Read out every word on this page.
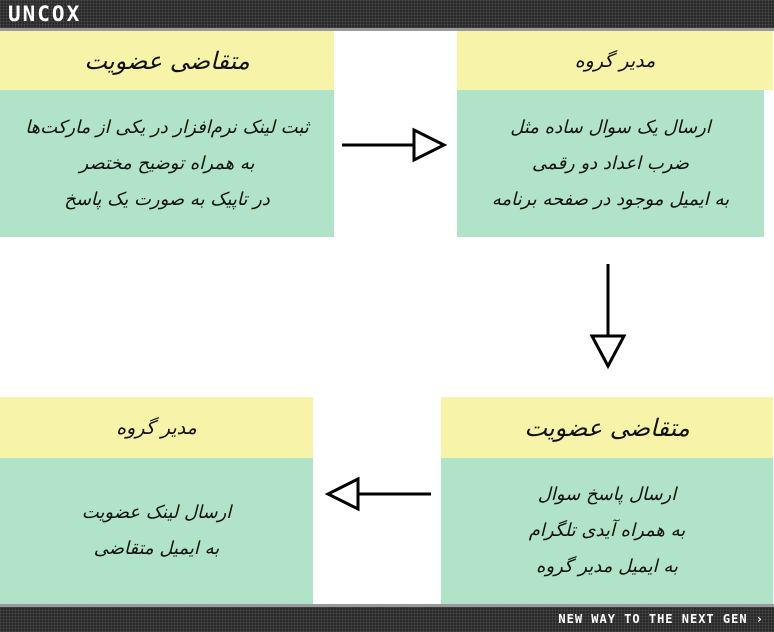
UNCOX
متقاضی عضویت
ثبت لینک نرم‌افزار در یکی از مارکت‌ها
به همراه توضیح مختصر
در تاپیک به صورت یک پاسخ
مدیر گروه
ارسال یک سوال ساده مثل
ضرب اعداد دو رقمی
به ایمیل موجود در صفحه برنامه
متقاضی عضویت
ارسال پاسخ سوال
به همراه آیدی تلگرام
به ایمیل مدیر گروه
مدیر گروه
ارسال لینک عضویت
به ایمیل متقاضی
NEW WAY TO THE NEXT GEN ›
